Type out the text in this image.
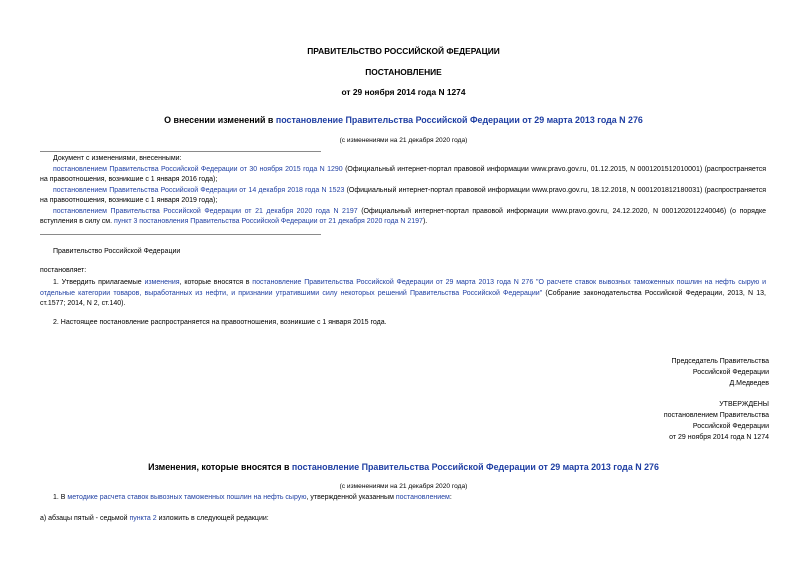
ПРАВИТЕЛЬСТВО РОССИЙСКОЙ ФЕДЕРАЦИИ
ПОСТАНОВЛЕНИЕ
от 29 ноября 2014 года N 1274
О внесении изменений в постановление Правительства Российской Федерации от 29 марта 2013 года N 276
(с изменениями на 21 декабря 2020 года)
Документ с изменениями, внесенными:
постановлением Правительства Российской Федерации от 30 ноября 2015 года N 1290 (Официальный интернет-портал правовой информации www.pravo.gov.ru, 01.12.2015, N 0001201512010001) (распространяется на правоотношения, возникшие с 1 января 2016 года);
постановлением Правительства Российской Федерации от 14 декабря 2018 года N 1523 (Официальный интернет-портал правовой информации www.pravo.gov.ru, 18.12.2018, N 0001201812180031) (распространяется на правоотношения, возникшие с 1 января 2019 года);
постановлением Правительства Российской Федерации от 21 декабря 2020 года N 2197 (Официальный интернет-портал правовой информации www.pravo.gov.ru, 24.12.2020, N 0001202012240046) (о порядке вступления в силу см. пункт 3 постановления Правительства Российской Федерации от 21 декабря 2020 года N 2197).
Правительство Российской Федерации
постановляет:
1. Утвердить прилагаемые изменения, которые вносятся в постановление Правительства Российской Федерации от 29 марта 2013 года N 276 "О расчете ставок вывозных таможенных пошлин на нефть сырую и отдельные категории товаров, выработанных из нефти, и признании утратившими силу некоторых решений Правительства Российской Федерации" (Собрание законодательства Российской Федерации, 2013, N 13, ст.1577; 2014, N 2, ст.140).
2. Настоящее постановление распространяется на правоотношения, возникшие с 1 января 2015 года.
Председатель Правительства
Российской Федерации
Д.Медведев
УТВЕРЖДЕНЫ
постановлением Правительства
Российской Федерации
от 29 ноября 2014 года N 1274
Изменения, которые вносятся в постановление Правительства Российской Федерации от 29 марта 2013 года N 276
(с изменениями на 21 декабря 2020 года)
1. В методике расчета ставок вывозных таможенных пошлин на нефть сырую, утвержденной указанным постановлением:
а) абзацы пятый - седьмой пункта 2 изложить в следующей редакции:
